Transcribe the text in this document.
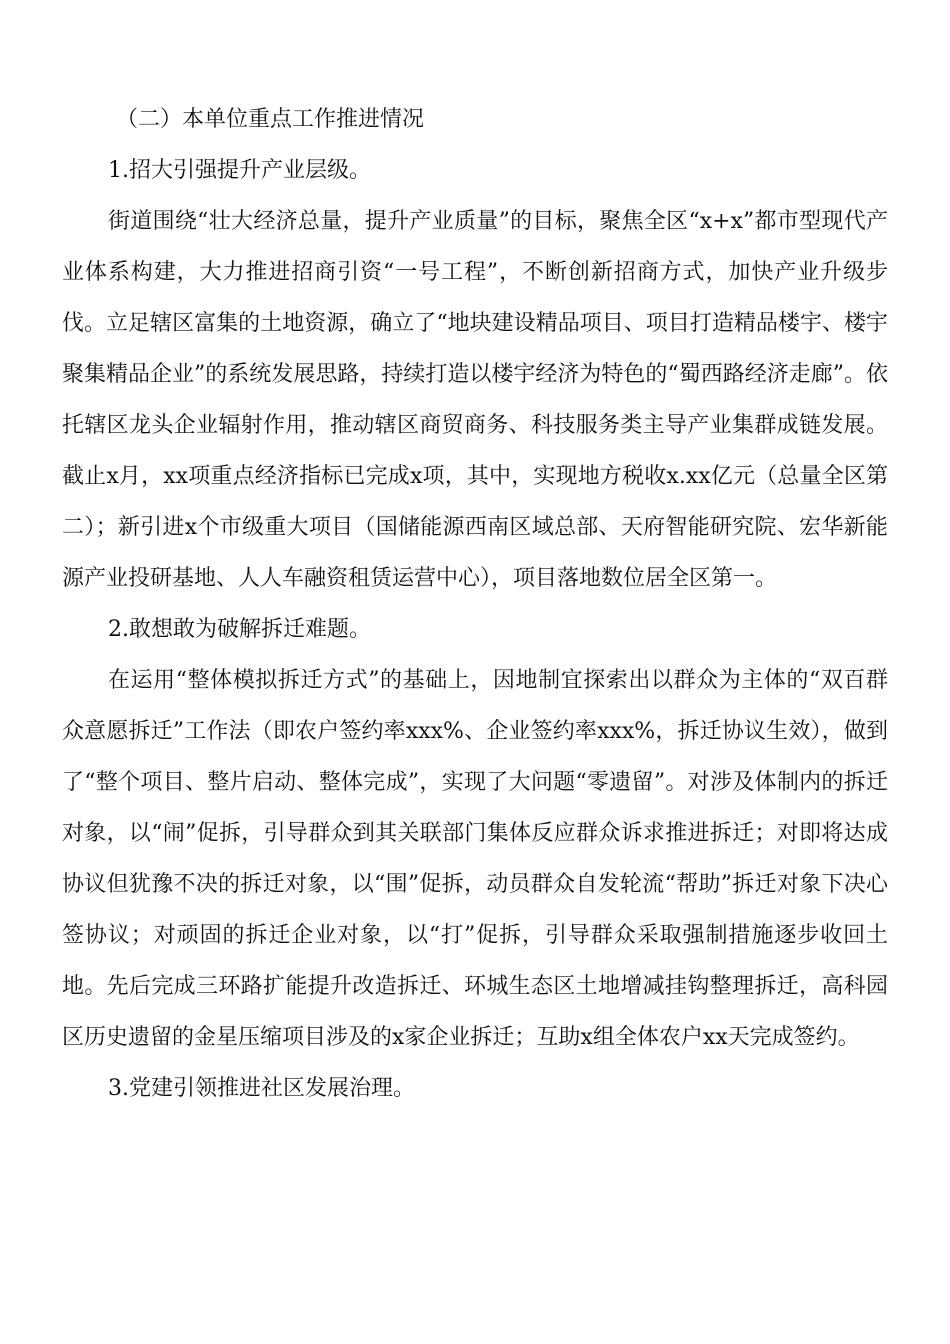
（二）本单位重点工作推进情况

1.招大引强提升产业层级。

街道围绕“壮大经济总量，提升产业质量”的目标，聚焦全区“x+x”都市型现代产业体系构建，大力推进招商引资“一号工程”，不断创新招商方式，加快产业升级步伐。立足辖区富集的土地资源，确立了“地块建设精品项目、项目打造精品楼宇、楼宇聚集精品企业”的系统发展思路，持续打造以楼宇经济为特色的“蜀西路经济走廊”。依托辖区龙头企业辐射作用，推动辖区商贸商务、科技服务类主导产业集群成链发展。截止x月，xx项重点经济指标已完成x项，其中，实现地方税收x.xx亿元（总量全区第二）；新引进x个市级重大项目（国储能源西南区域总部、天府智能研究院、宏华新能源产业投研基地、人人车融资租赁运营中心），项目落地数位居全区第一。

2.敢想敢为破解拆迁难题。

在运用“整体模拟拆迁方式”的基础上，因地制宜探索出以群众为主体的“双百群众意愿拆迁”工作法（即农户签约率xxx%、企业签约率xxx%，拆迁协议生效），做到了“整个项目、整片启动、整体完成”，实现了大问题“零遗留”。对涉及体制内的拆迁对象，以“闹”促拆，引导群众到其关联部门集体反应群众诉求推进拆迁；对即将达成协议但犹豫不决的拆迁对象，以“围”促拆，动员群众自发轮流“帮助”拆迁对象下决心签协议；对顽固的拆迁企业对象，以“打”促拆，引导群众采取强制措施逐步收回土地。先后完成三环路扩能提升改造拆迁、环城生态区土地增减挂钩整理拆迁，高科园区历史遗留的金星压缩项目涉及的x家企业拆迁；互助x组全体农户xx天完成签约。

3.党建引领推进社区发展治理。
